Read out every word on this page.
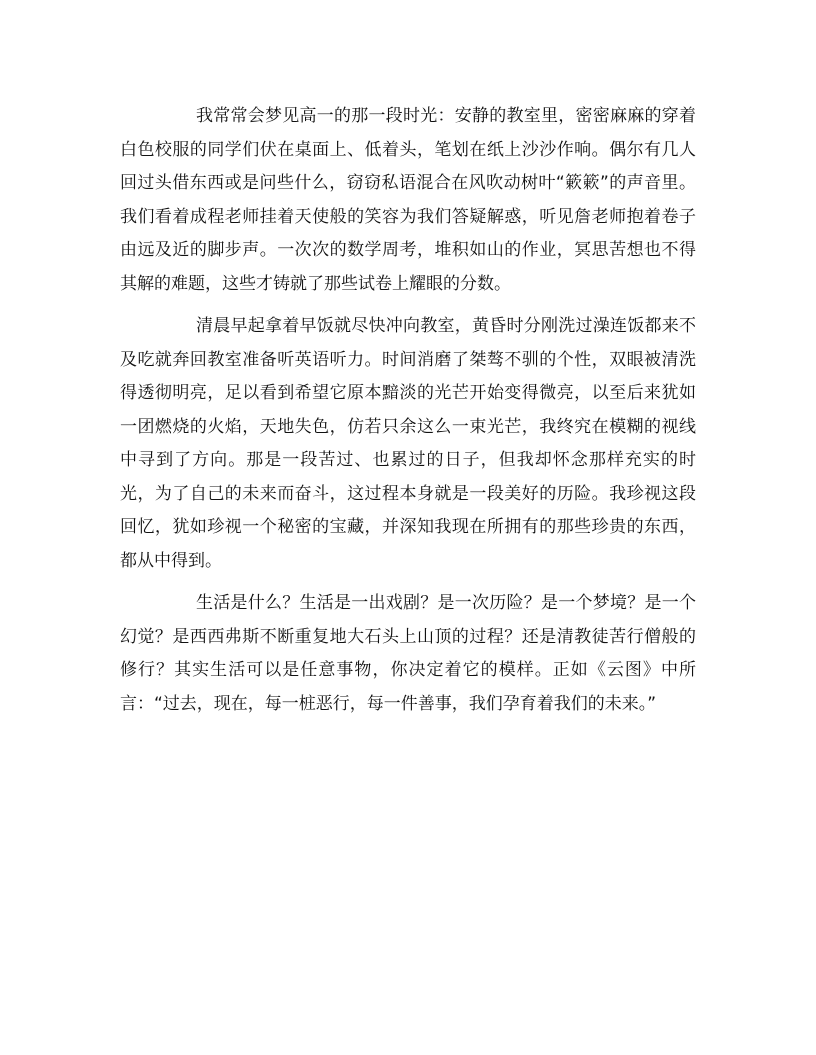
我常常会梦见高一的那一段时光：安静的教室里，密密麻麻的穿着白色校服的同学们伏在桌面上、低着头，笔划在纸上沙沙作响。偶尔有几人回过头借东西或是问些什么，窃窃私语混合在风吹动树叶“簌簌”的声音里。我们看着成程老师挂着天使般的笑容为我们答疑解惑，听见詹老师抱着卷子由远及近的脚步声。一次次的数学周考，堆积如山的作业，冥思苦想也不得其解的难题，这些才铸就了那些试卷上耀眼的分数。

清晨早起拿着早饭就尽快冲向教室，黄昏时分刚洗过澡连饭都来不及吃就奔回教室准备听英语听力。时间消磨了桀骜不驯的个性，双眼被清洗得透彻明亮，足以看到希望它原本黯淡的光芒开始变得微亮，以至后来犹如一团燃烧的火焰，天地失色，仿若只余这么一束光芒，我终究在模糊的视线中寻到了方向。那是一段苦过、也累过的日子，但我却怀念那样充实的时光，为了自己的未来而奋斗，这过程本身就是一段美好的历险。我珍视这段回忆，犹如珍视一个秘密的宝藏，并深知我现在所拥有的那些珍贵的东西，都从中得到。

生活是什么？生活是一出戏剧？是一次历险？是一个梦境？是一个幻觉？是西西弗斯不断重复地大石头上山顶的过程？还是清教徒苦行僧般的修行？其实生活可以是任意事物，你决定着它的模样。正如《云图》中所言：“过去，现在，每一桩恶行，每一件善事，我们孕育着我们的未来。”
